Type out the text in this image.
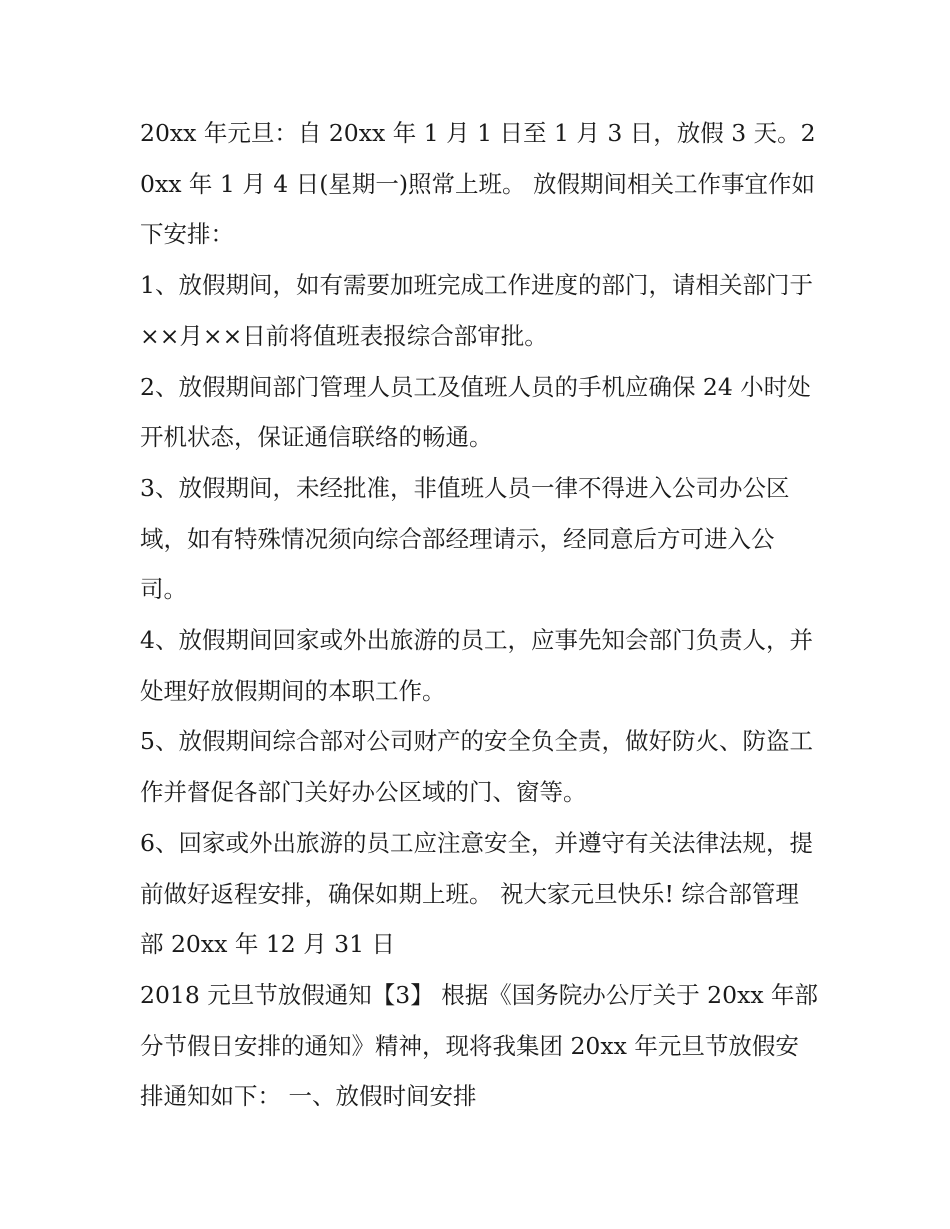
20xx 年元旦：自 20xx 年 1 月 1 日至 1 月 3 日，放假 3 天。20xx 年 1 月 4 日(星期一)照常上班。 放假期间相关工作事宜作如下安排：

1、放假期间，如有需要加班完成工作进度的部门，请相关部门于××月××日前将值班表报综合部审批。

2、放假期间部门管理人员工及值班人员的手机应确保 24 小时处开机状态，保证通信联络的畅通。

3、放假期间，未经批准，非值班人员一律不得进入公司办公区域，如有特殊情况须向综合部经理请示，经同意后方可进入公司。

4、放假期间回家或外出旅游的员工，应事先知会部门负责人，并处理好放假期间的本职工作。

5、放假期间综合部对公司财产的安全负全责，做好防火、防盗工作并督促各部门关好办公区域的门、窗等。

6、回家或外出旅游的员工应注意安全，并遵守有关法律法规，提前做好返程安排，确保如期上班。 祝大家元旦快乐! 综合部管理部 20xx 年 12 月 31 日

2018 元旦节放假通知【3】 根据《国务院办公厅关于 20xx 年部分节假日安排的通知》精神，现将我集团 20xx 年元旦节放假安排通知如下： 一、放假时间安排
